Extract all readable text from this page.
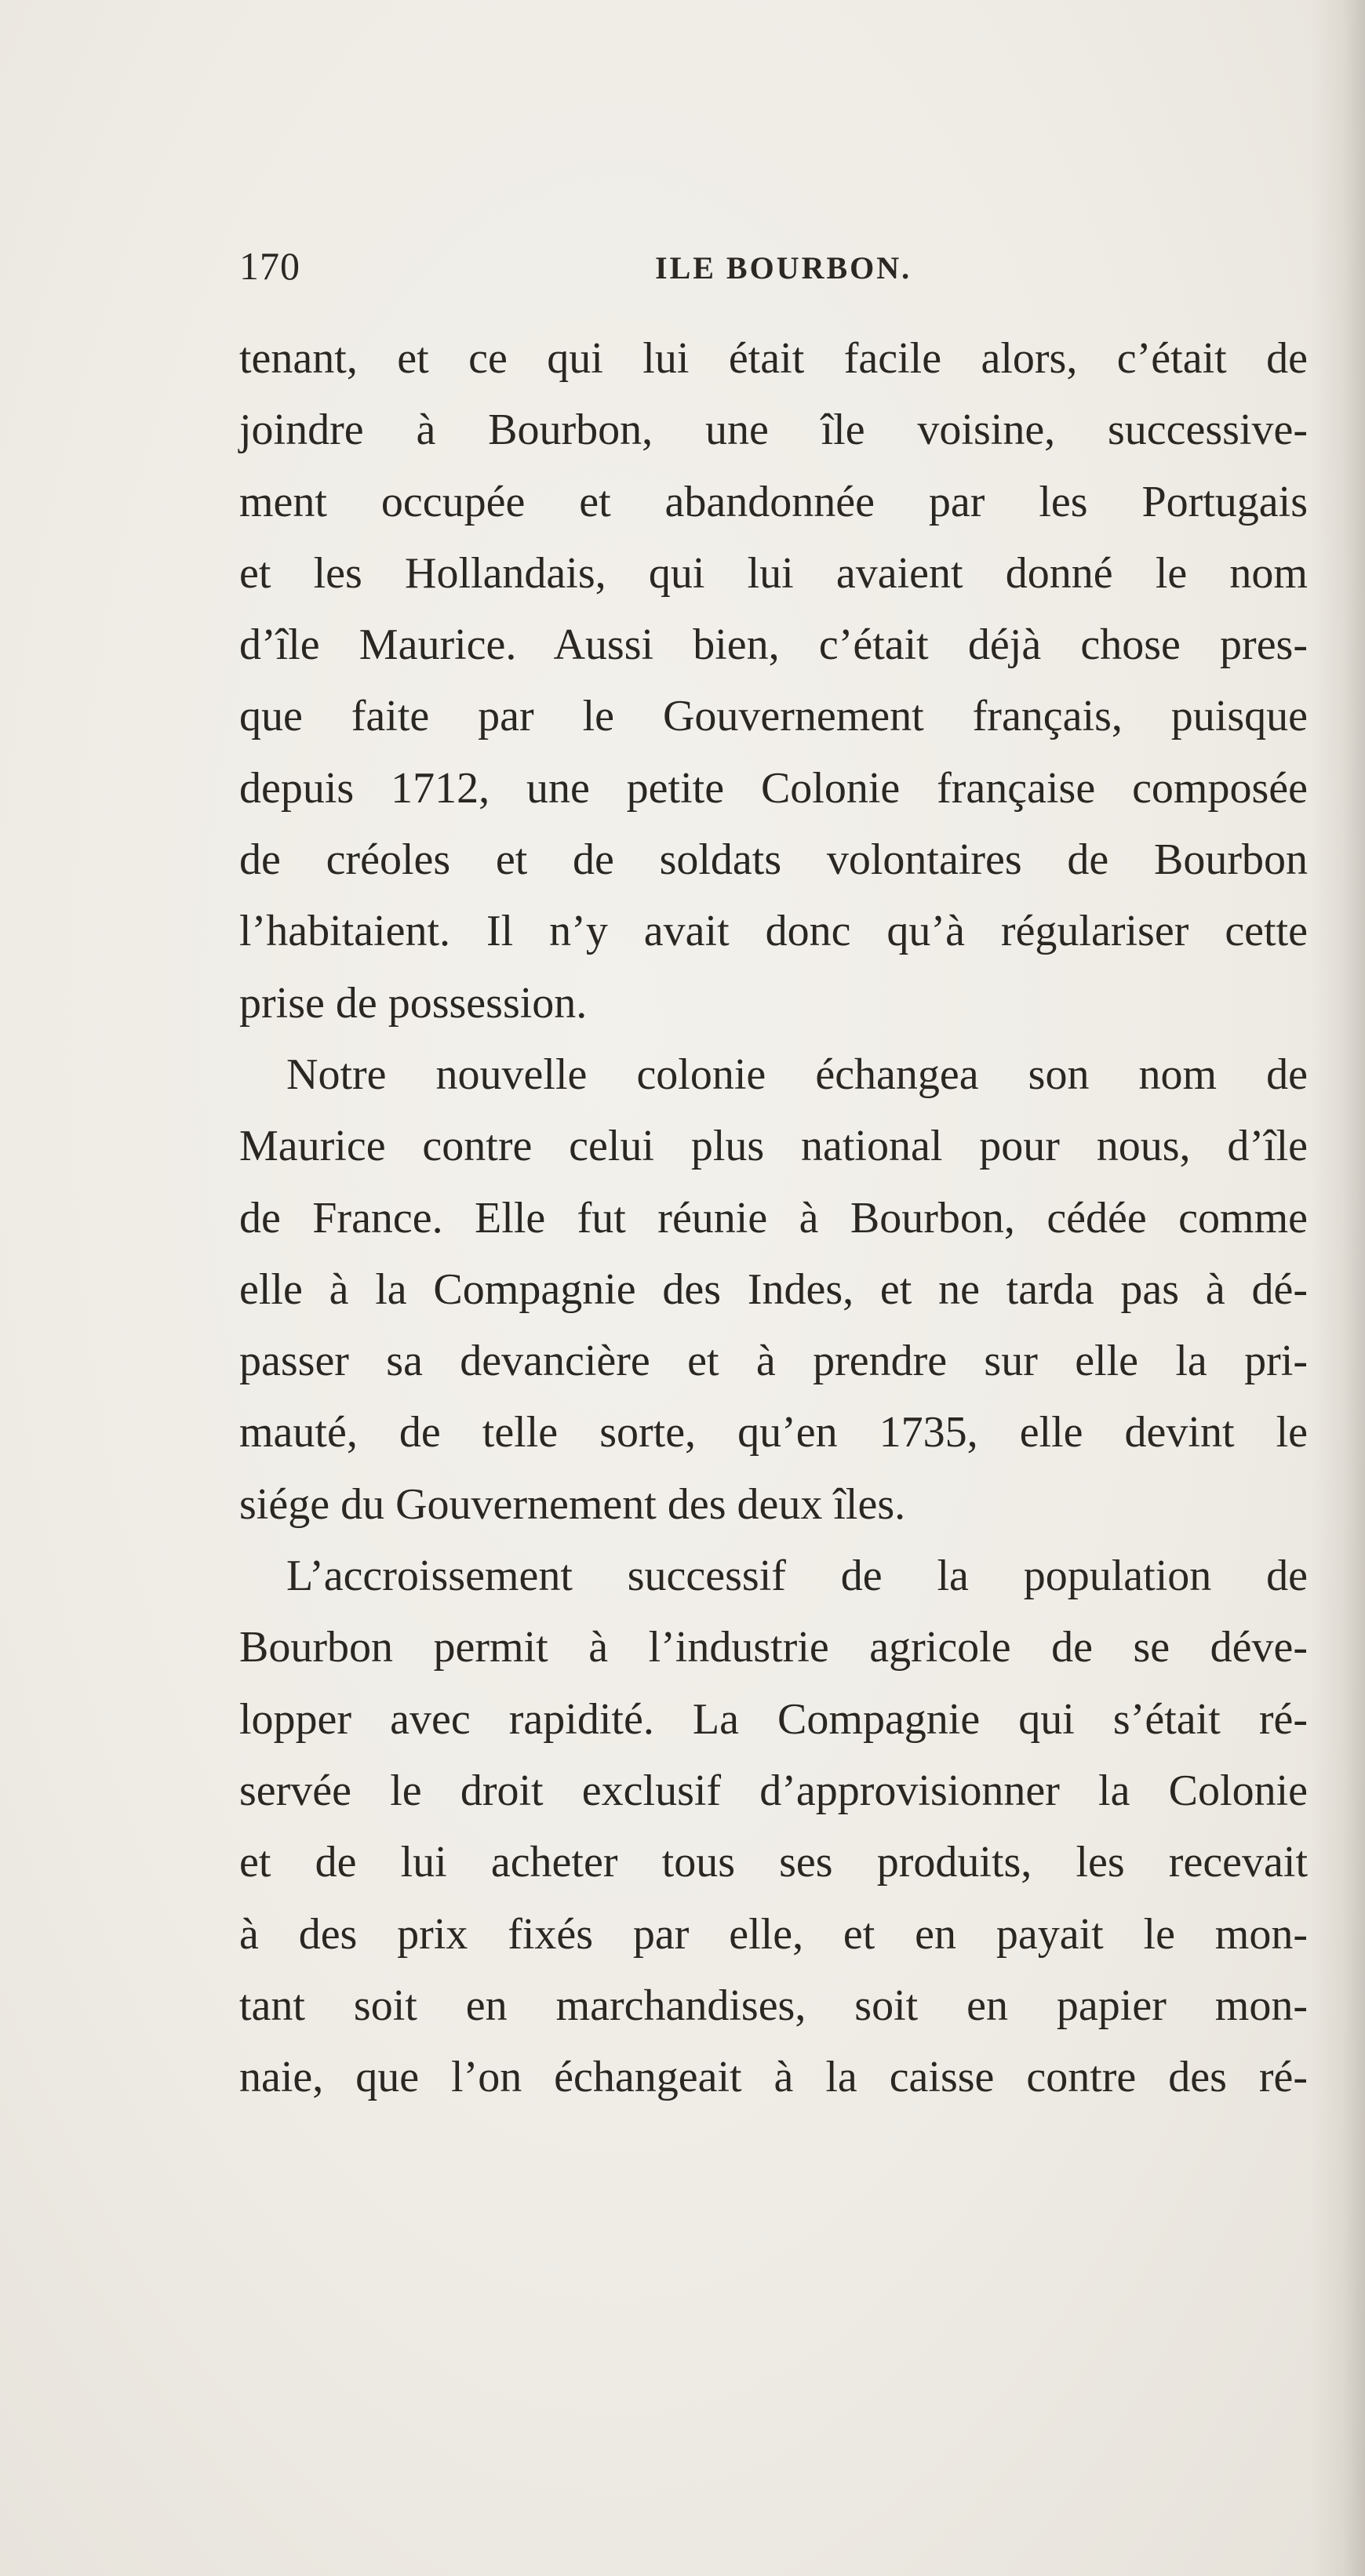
170	ILE BOURBON.
tenant, et ce qui lui était facile alors, c’était de
joindre à Bourbon, une île voisine, successive-
ment occupée et abandonnée par les Portugais
et les Hollandais, qui lui avaient donné le nom
d’île Maurice. Aussi bien, c’était déjà chose pres-
que faite par le Gouvernement français, puisque
depuis 1712, une petite Colonie française composée
de créoles et de soldats volontaires de Bourbon
l’habitaient. Il n’y avait donc qu’à régulariser cette
prise de possession.
Notre nouvelle colonie échangea son nom de
Maurice contre celui plus national pour nous, d’île
de France. Elle fut réunie à Bourbon, cédée comme
elle à la Compagnie des Indes, et ne tarda pas à dé-
passer sa devancière et à prendre sur elle la pri-
mauté, de telle sorte, qu’en 1735, elle devint le
siége du Gouvernement des deux îles.
L’accroissement successif de la population de
Bourbon permit à l’industrie agricole de se déve-
lopper avec rapidité. La Compagnie qui s’était ré-
servée le droit exclusif d’approvisionner la Colonie
et de lui acheter tous ses produits, les recevait
à des prix fixés par elle, et en payait le mon-
tant soit en marchandises, soit en papier mon-
naie, que l’on échangeait à la caisse contre des ré-
